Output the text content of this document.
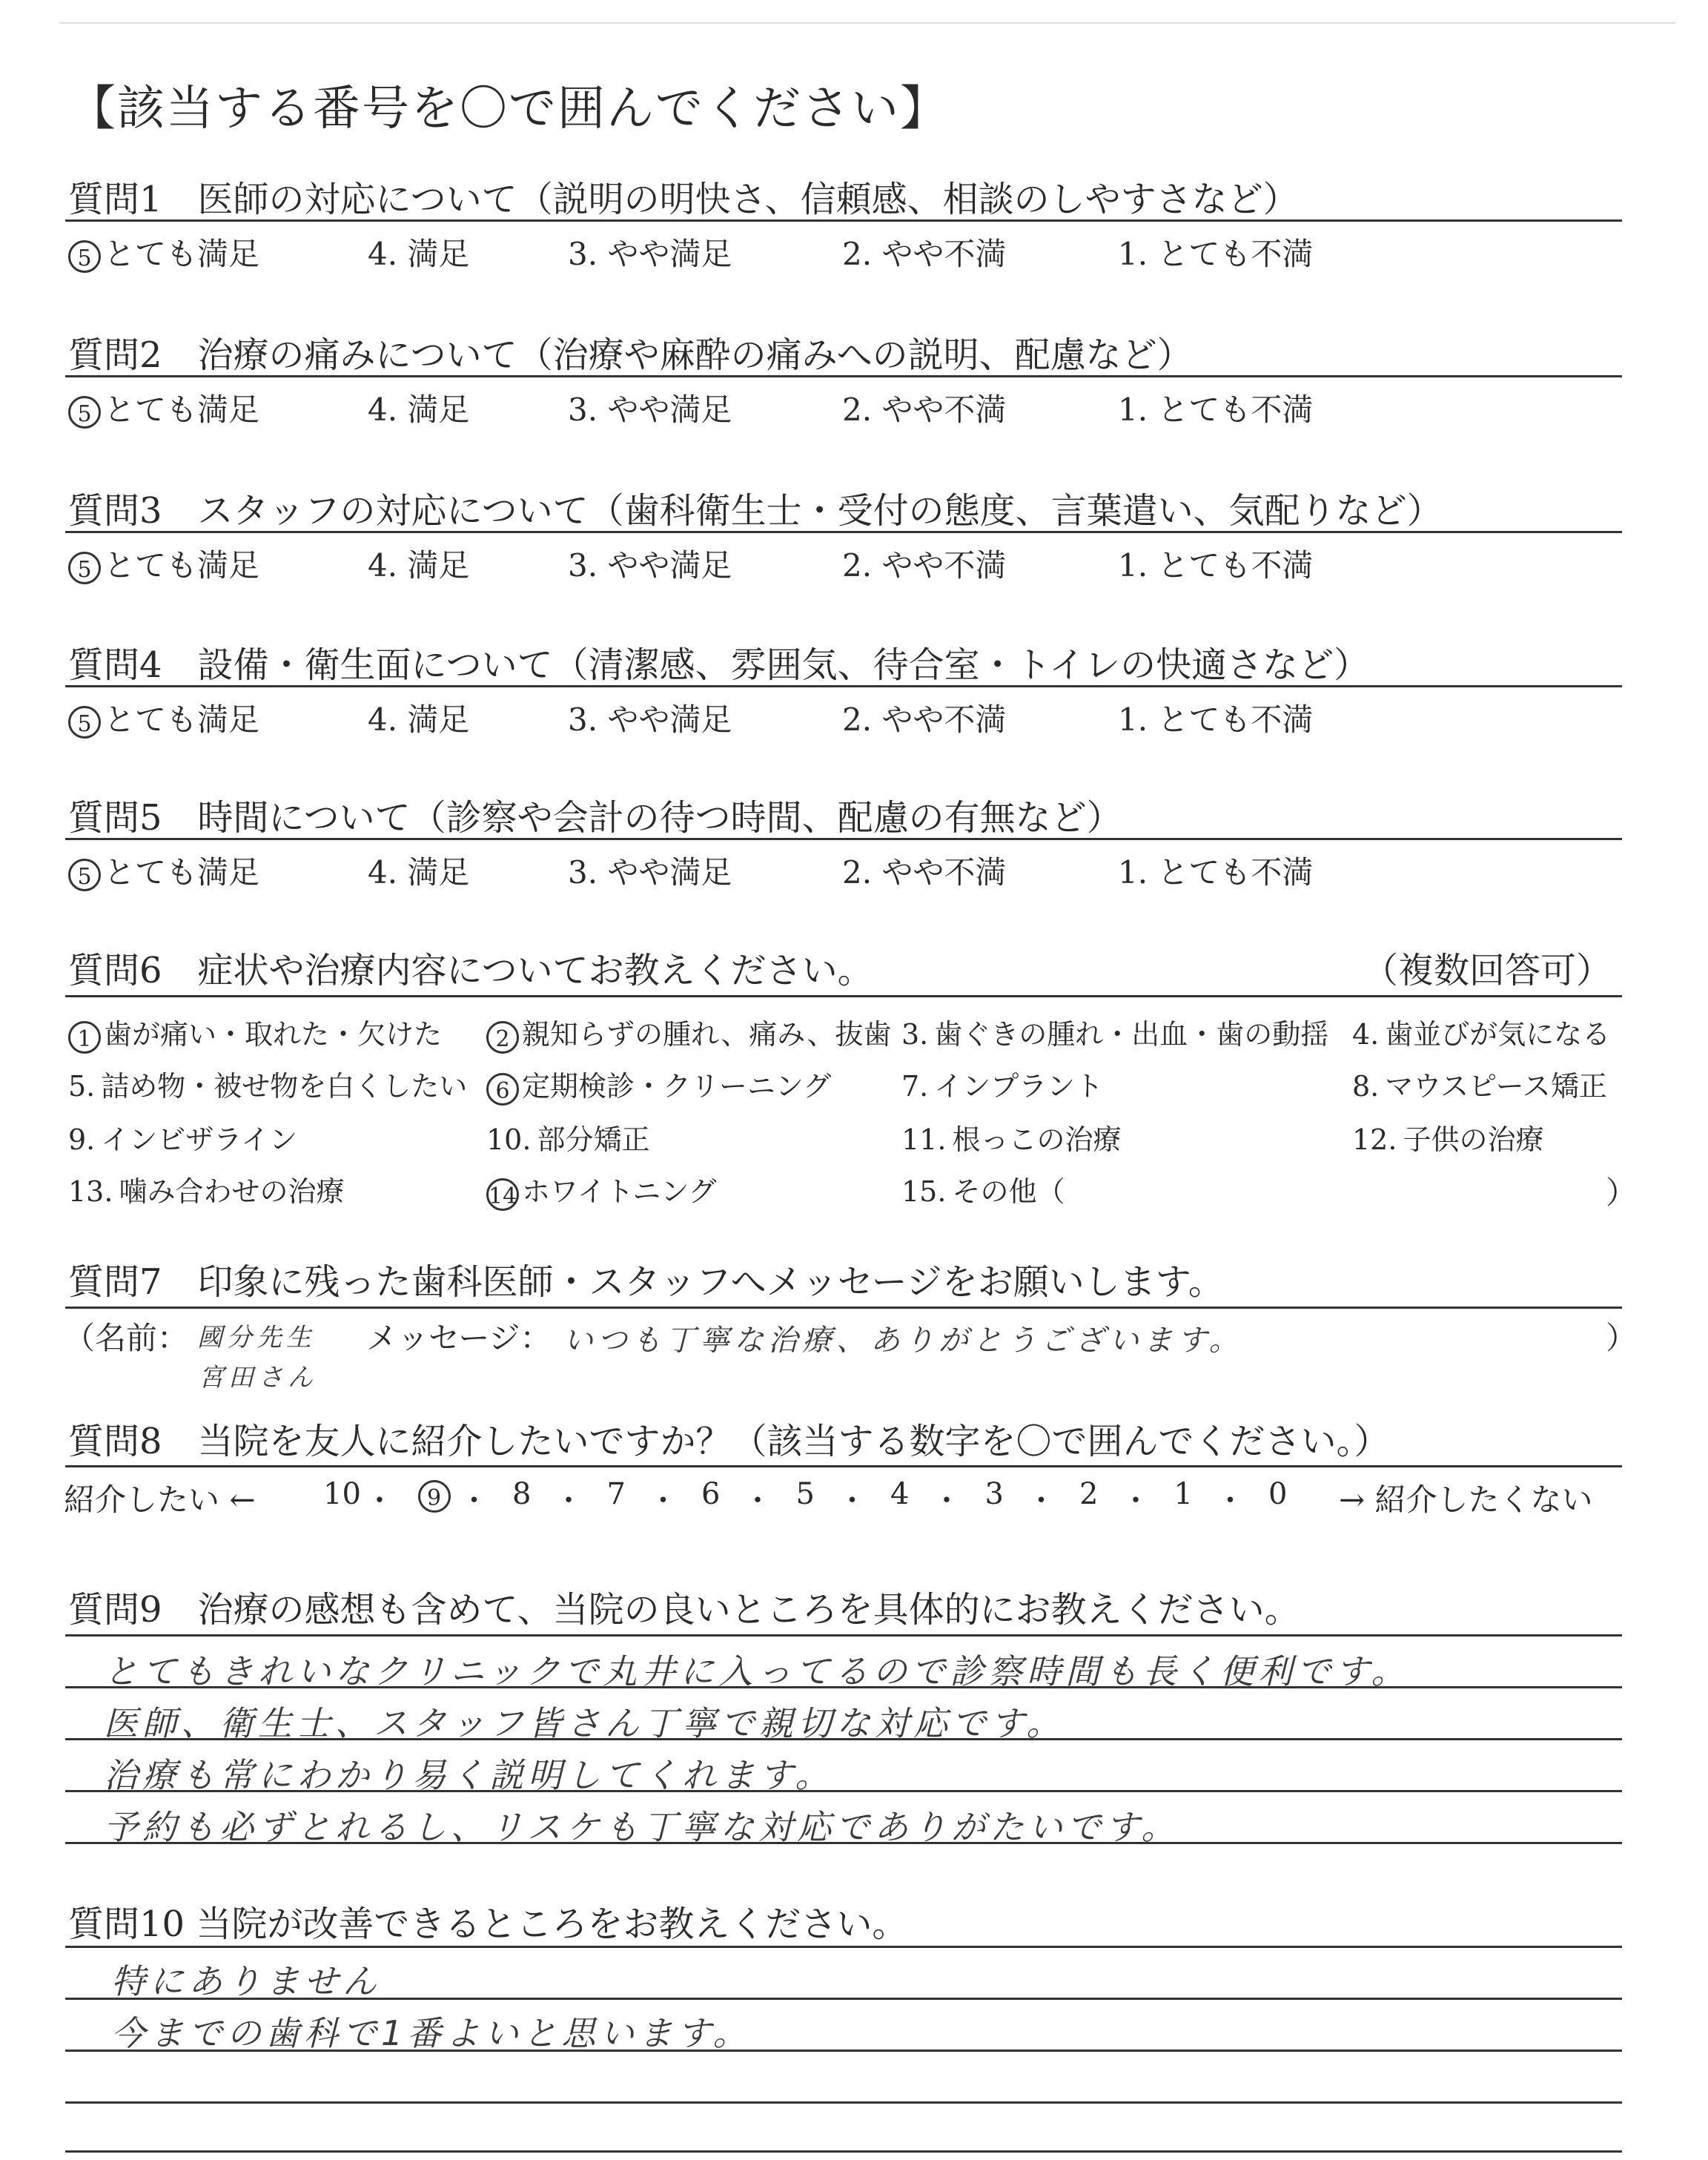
【該当する番号を〇で囲んでください】
質問1　医師の対応について（説明の明快さ、信頼感、相談のしやすさなど）
5 とても満足	4. 満足	3. やや満足	2. やや不満	1. とても不満
質問2　治療の痛みについて（治療や麻酔の痛みへの説明、配慮など）
5 とても満足	4. 満足	3. やや満足	2. やや不満	1. とても不満
質問3　スタッフの対応について（歯科衛生士・受付の態度、言葉遣い、気配りなど）
5 とても満足	4. 満足	3. やや満足	2. やや不満	1. とても不満
質問4　設備・衛生面について（清潔感、雰囲気、待合室・トイレの快適さなど）
5 とても満足	4. 満足	3. やや満足	2. やや不満	1. とても不満
質問5　時間について（診察や会計の待つ時間、配慮の有無など）
5 とても満足	4. 満足	3. やや満足	2. やや不満	1. とても不満
質問6　症状や治療内容についてお教えください。	（複数回答可）
1 歯が痛い・取れた・欠けた	2 親知らずの腫れ、痛み、抜歯 3. 歯ぐきの腫れ・出血・歯の動揺 4. 歯並びが気になる
5. 詰め物・被せ物を白くしたい	6 定期検診・クリーニング 7. インプラント	8. マウスピース矯正
9. インビザライン	10. 部分矯正	11. 根っこの治療	12. 子供の治療
13. 噛み合わせの治療	14 ホワイトニング	15. その他（	）
質問7　印象に残った歯科医師・スタッフへメッセージをお願いします。
（名前： 國分先生
宮田さん
メッセージ： いつも丁寧な治療、ありがとうございます。	）
質問8　当院を友人に紹介したいですか？（該当する数字を〇で囲んでください。）
紹介したい ← 10 ・	9 ・ 8 ・ 7 ・ 6 ・ 5 ・ 4 ・ 3 ・ 2 ・ 1 ・ 0 → 紹介したくない
質問9　治療の感想も含めて、当院の良いところを具体的にお教えください。
とてもきれいなクリニックで丸井に入ってるので診察時間も長く便利です。
医師、衛生士、スタッフ皆さん丁寧で親切な対応です。
治療も常にわかり易く説明してくれます。
予約も必ずとれるし、リスケも丁寧な対応でありがたいです。
質問10 当院が改善できるところをお教えください。
特にありません
今までの歯科で1番よいと思います。
